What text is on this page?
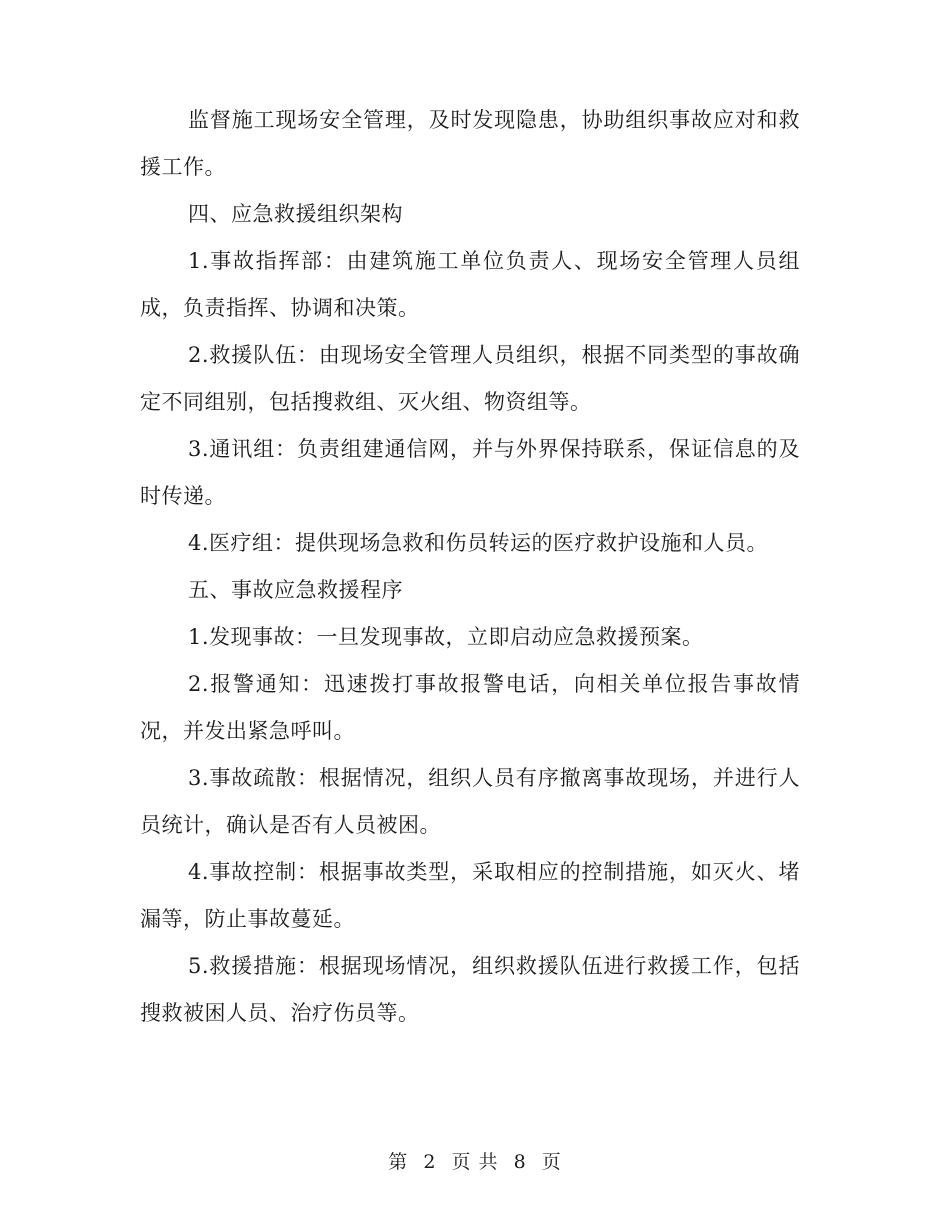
监督施工现场安全管理，及时发现隐患，协助组织事故应对和救援工作。

四、应急救援组织架构

1.事故指挥部：由建筑施工单位负责人、现场安全管理人员组成，负责指挥、协调和决策。

2.救援队伍：由现场安全管理人员组织，根据不同类型的事故确定不同组别，包括搜救组、灭火组、物资组等。

3.通讯组：负责组建通信网，并与外界保持联系，保证信息的及时传递。

4.医疗组：提供现场急救和伤员转运的医疗救护设施和人员。

五、事故应急救援程序

1.发现事故：一旦发现事故，立即启动应急救援预案。

2.报警通知：迅速拨打事故报警电话，向相关单位报告事故情况，并发出紧急呼叫。

3.事故疏散：根据情况，组织人员有序撤离事故现场，并进行人员统计，确认是否有人员被困。

4.事故控制：根据事故类型，采取相应的控制措施，如灭火、堵漏等，防止事故蔓延。

5.救援措施：根据现场情况，组织救援队伍进行救援工作，包括搜救被困人员、治疗伤员等。

第 2 页 共 8 页
